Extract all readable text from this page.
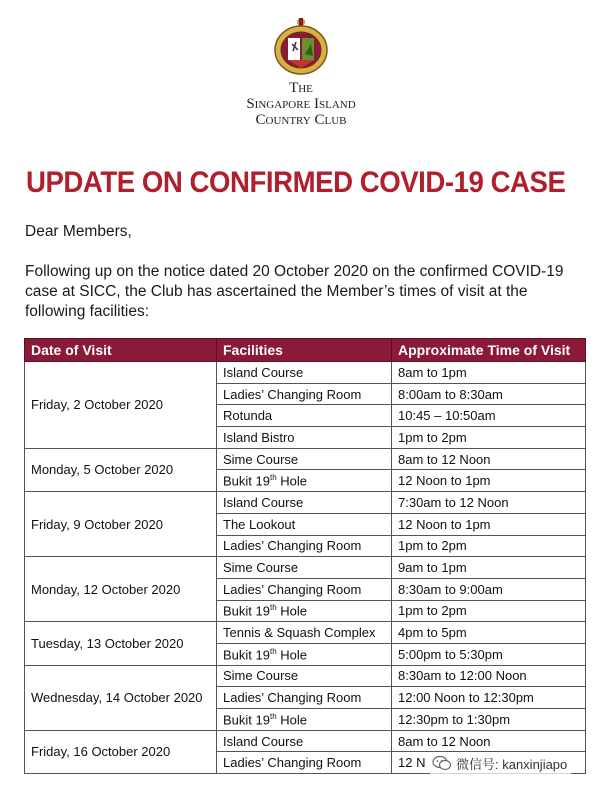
The
Singapore Island
Country Club
UPDATE ON CONFIRMED COVID-19 CASE
Dear Members,
Following up on the notice dated 20 October 2020 on the confirmed COVID-19 case at SICC, the Club has ascertained the Member’s times of visit at the following facilities:
Date of Visit	Facilities	Approximate Time of Visit
Friday, 2 October 2020	Island Course	8am to 1pm
	Ladies’ Changing Room	8:00am to 8:30am
	Rotunda	10:45 – 10:50am
	Island Bistro	1pm to 2pm
Monday, 5 October 2020	Sime Course	8am to 12 Noon
	Bukit 19th Hole	12 Noon to 1pm
Friday, 9 October 2020	Island Course	7:30am to 12 Noon
	The Lookout	12 Noon to 1pm
	Ladies’ Changing Room	1pm to 2pm
Monday, 12 October 2020	Sime Course	9am to 1pm
	Ladies’ Changing Room	8:30am to 9:00am
	Bukit 19th Hole	1pm to 2pm
Tuesday, 13 October 2020	Tennis & Squash Complex	4pm to 5pm
	Bukit 19th Hole	5:00pm to 5:30pm
Wednesday, 14 October 2020	Sime Course	8:30am to 12:00 Noon
	Ladies’ Changing Room	12:00 Noon to 12:30pm
	Bukit 19th Hole	12:30pm to 1:30pm
Friday, 16 October 2020	Island Course	8am to 12 Noon
	Ladies’ Changing Room	12 N 微信号: kanxinjiapo
